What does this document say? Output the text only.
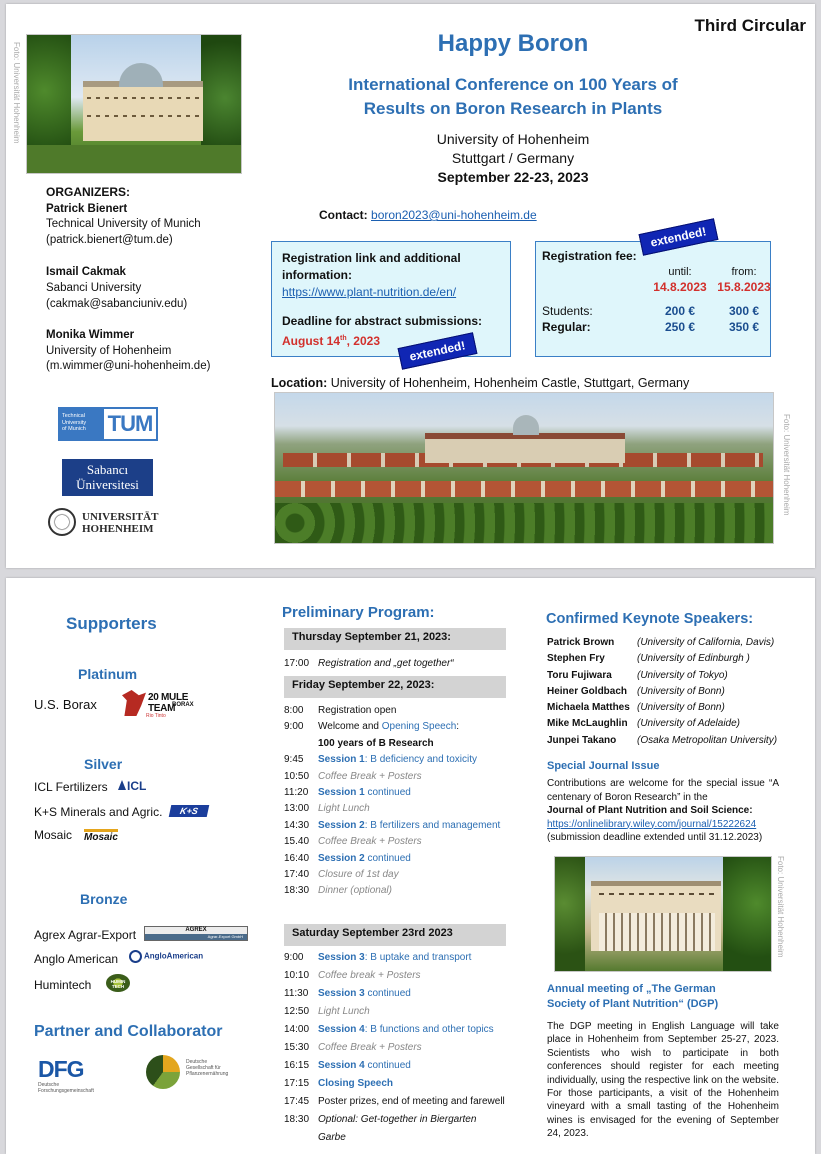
Third Circular
Foto: Universität Hohenheim	Happy Boron
International Conference on 100 Years of
Results on Boron Research in Plants
University of Hohenheim
Stuttgart / Germany
September 22-23, 2023
ORGANIZERS:
Patrick Bienert
Technical University of Munich
(patrick.bienert@tum.de)
Ismail Cakmak
Sabanci University
(cakmak@sabanciuniv.edu)
Monika Wimmer
University of Hohenheim
(m.wimmer@uni-hohenheim.de)
Technical
University
of Munich TUM
Sabancı
Üniversitesi
UNIVERSITÄT
HOHENHEIM
Contact: boron2023@uni-hohenheim.de
Registration link and additional
information:
https://www.plant-nutrition.de/en/
Deadline for abstract submissions:
August 14th, 2023	extended!
Registration fee:
until:	from:
14.8.2023 15.8.2023
Students:	200 €	300 €
Regular:	250 €	350 €
extended!
Location: University of Hohenheim, Hohenheim Castle, Stuttgart, Germany
Foto: Universität Hohenheim
Supporters
Platinum
U.S. Borax	20 MULE TEAM
BORAX
Rio Tinto
Silver
ICL Fertilizers	ICL
K+S Minerals and Agric.	K+S
Mosaic Mosaic
Bronze
Agrex Agrar-Export	AGREX
Agrar-Export GmbH
Anglo American	AngloAmerican
Humintech	HUMIN TECH
Partner and Collaborator
DFG
Deutsche
Forschungsgemeinschaft
Deutsche
Gesellschaft für
Pflanzenernährung
Preliminary Program:
Thursday September 21, 2023:
17:00 Registration and „get together“
Friday September 22, 2023:
8:00	Registration open
9:00	Welcome and Opening Speech:
100 years of B Research
9:45	Session 1: B deficiency and toxicity
10:50 Coffee Break + Posters
11:20 Session 1 continued
13:00 Light Lunch
14:30 Session 2: B fertilizers and management
15.40 Coffee Break + Posters
16:40 Session 2 continued
17:40 Closure of 1st day
18:30 Dinner (optional)
Saturday September 23rd 2023
9:00	Session 3: B uptake and transport
10:10 Coffee break + Posters
11:30 Session 3 continued
12:50 Light Lunch
14:00 Session 4: B functions and other topics
15:30 Coffee Break + Posters
16:15 Session 4 continued
17:15 Closing Speech
17:45 Poster prizes, end of meeting and farewell
18:30 Optional: Get-together in Biergarten Garbe
Confirmed Keynote Speakers:
Patrick Brown	(University of California, Davis)
Stephen Fry	(University of Edinburgh )
Toru Fujiwara	(University of Tokyo)
Heiner Goldbach (University of Bonn)
Michaela Matthes (University of Bonn)
Mike McLaughlin (University of Adelaide)
Junpei Takano	(Osaka Metropolitan University)
Special Journal Issue
Contributions are welcome for the special issue “A centenary of Boron Research” in the
Journal of Plant Nutrition and Soil Science:
https://onlinelibrary.wiley.com/journal/15222624
(submission deadline extended until 31.12.2023)
Foto: Universität Hohenheim
Annual meeting of „The German
Society of Plant Nutrition“ (DGP)
The DGP meeting in English Language will take place in Hohenheim from September 25-27, 2023. Scientists who wish to participate in both conferences should register for each meeting individually, using the respective link on the website. For those participants, a visit of the Hohenheim vineyard with a small tasting of the Hohenheim wines is envisaged for the evening of September 24, 2023.
